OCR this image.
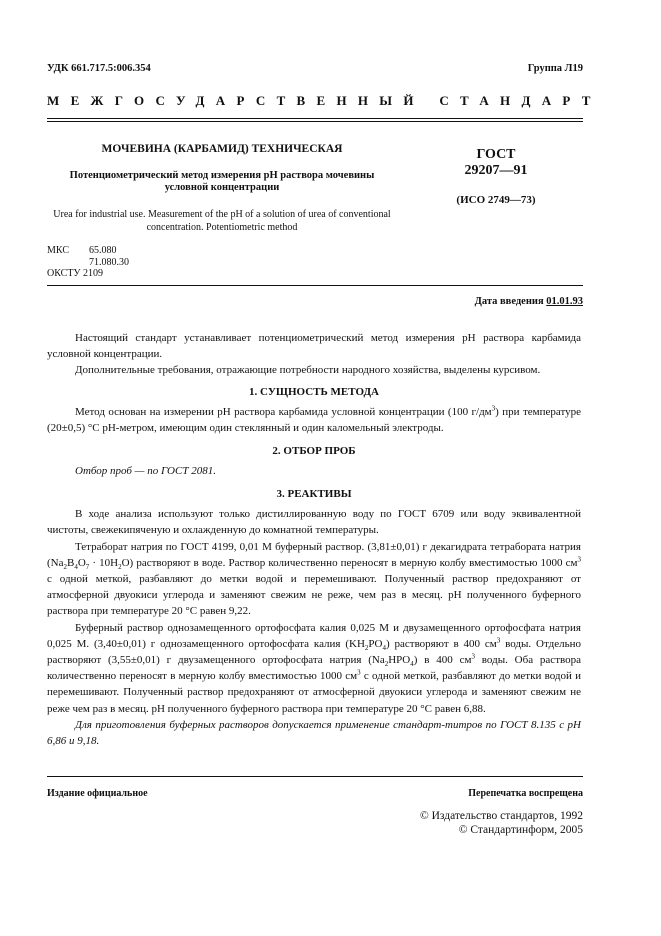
УДК 661.717.5:006.354	Группа Л19
МЕЖГОСУДАРСТВЕННЫЙ СТАНДАРТ
МОЧЕВИНА (КАРБАМИД) ТЕХНИЧЕСКАЯ
Потенциометрический метод измерения pH раствора мочевины условной концентрации
Urea for industrial use. Measurement of the pH of a solution of urea of conventional concentration. Potentiometric method
ГОСТ
29207—91
(ИСО 2749—73)
МКС 65.080
71.080.30
ОКСТУ 2109
Дата введения 01.01.93

Настоящий стандарт устанавливает потенциометрический метод измерения pH раствора карбамида условной концентрации.

Дополнительные требования, отражающие потребности народного хозяйства, выделены курсивом.

1. СУЩНОСТЬ МЕТОДА

Метод основан на измерении pH раствора карбамида условной концентрации (100 $г/дм^3$) при температуре (20±0,5) °С pH-метром, имеющим один стеклянный и один каломельный электроды.

2. ОТБОР ПРОБ

Отбор проб — по ГОСТ 2081.

3. РЕАКТИВЫ

В ходе анализа используют только дистиллированную воду по ГОСТ 6709 или воду эквивалентной чистоты, свежекипяченую и охлажденную до комнатной температуры.

Тетраборат натрия по ГОСТ 4199, 0,01 М буферный раствор. (3,81±0,01) г декагидрата тетрабората натрия $(Na_2B_4O_7 \cdot 10H_2O)$ растворяют в воде. Раствор количественно переносят в мерную колбу вместимостью 1000 $см^3$ с одной меткой, разбавляют до метки водой и перемешивают. Полученный раствор предохраняют от атмосферной двуокиси углерода и заменяют свежим не реже, чем раз в месяц. pH полученного буферного раствора при температуре 20 °С равен 9,22.

Буферный раствор однозамещенного ортофосфата калия 0,025 М и двузамещенного ортофосфата натрия 0,025 М. (3,40±0,01) г однозамещенного ортофосфата калия $(KH_2PO_4)$ растворяют в 400 $см^3$ воды. Отдельно растворяют (3,55±0,01) г двузамещенного ортофосфата натрия $(Na_2HPO_4)$ в 400 $см^3$ воды. Оба раствора количественно переносят в мерную колбу вместимостью 1000 $см^3$ с одной меткой, разбавляют до метки водой и перемешивают. Полученный раствор предохраняют от атмосферной двуокиси углерода и заменяют свежим не реже чем раз в месяц. pH полученного буферного раствора при температуре 20 °С равен 6,88.

Для приготовления буферных растворов допускается применение стандарт-титров по ГОСТ 8.135 с pH 6,86 и 9,18.

Издание официальное	Перепечатка воспрещена
© Издательство стандартов, 1992
© Стандартинформ, 2005
